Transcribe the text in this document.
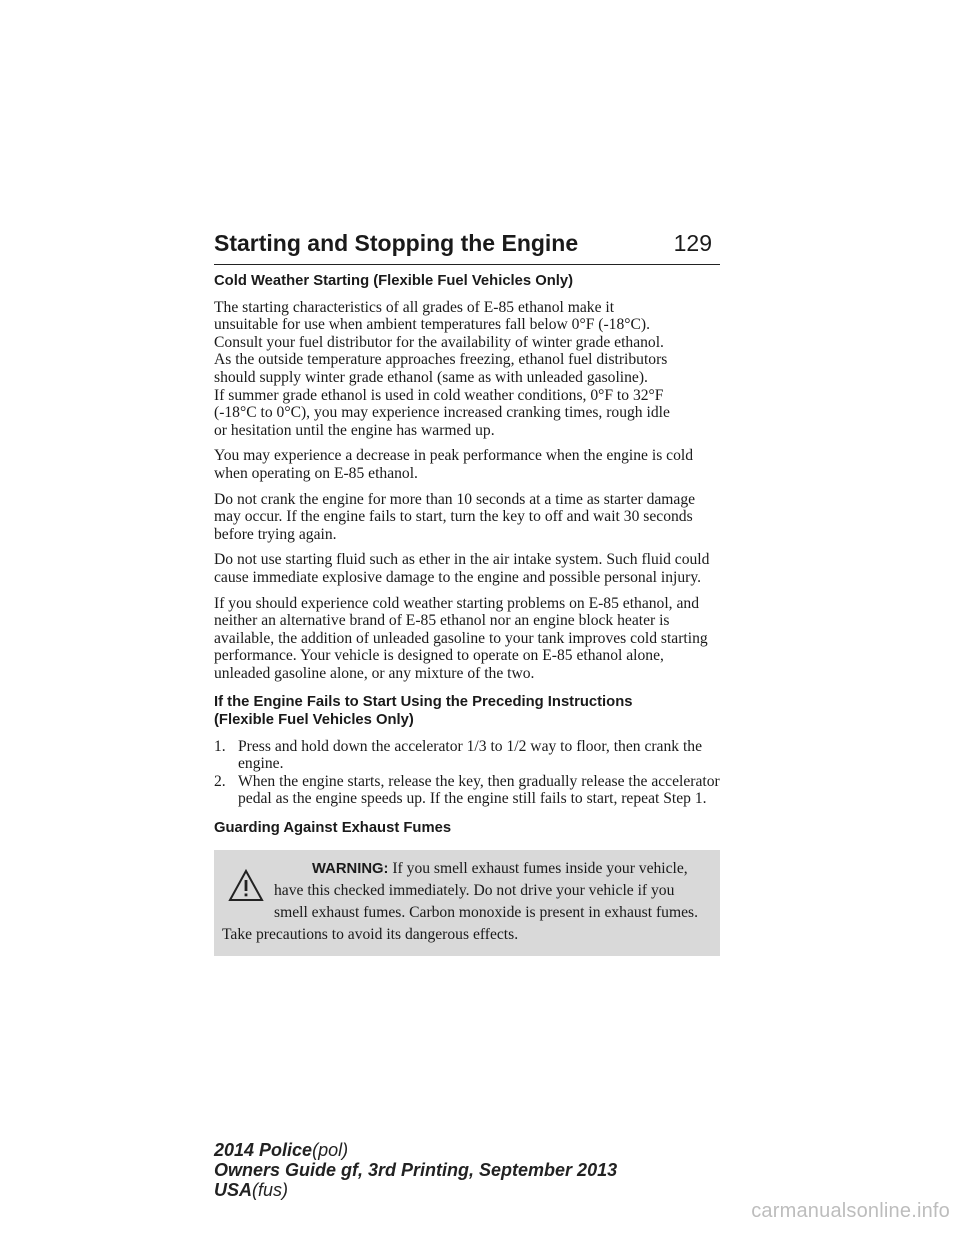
Starting and Stopping the Engine	129
Cold Weather Starting (Flexible Fuel Vehicles Only)
The starting characteristics of all grades of E-85 ethanol make it
unsuitable for use when ambient temperatures fall below 0°F (-18°C).
Consult your fuel distributor for the availability of winter grade ethanol.
As the outside temperature approaches freezing, ethanol fuel distributors
should supply winter grade ethanol (same as with unleaded gasoline).
If summer grade ethanol is used in cold weather conditions, 0°F to 32°F
(-18°C to 0°C), you may experience increased cranking times, rough idle
or hesitation until the engine has warmed up.
You may experience a decrease in peak performance when the engine is cold when operating on E-85 ethanol.
Do not crank the engine for more than 10 seconds at a time as starter damage may occur. If the engine fails to start, turn the key to off and wait 30 seconds before trying again.
Do not use starting fluid such as ether in the air intake system. Such fluid could cause immediate explosive damage to the engine and possible personal injury.
If you should experience cold weather starting problems on E-85 ethanol, and neither an alternative brand of E-85 ethanol nor an engine block heater is available, the addition of unleaded gasoline to your tank improves cold starting performance. Your vehicle is designed to operate on E-85 ethanol alone, unleaded gasoline alone, or any mixture of the two.
If the Engine Fails to Start Using the Preceding Instructions
(Flexible Fuel Vehicles Only)
1. Press and hold down the accelerator 1/3 to 1/2 way to floor, then crank the engine.
2. When the engine starts, release the key, then gradually release the accelerator pedal as the engine speeds up. If the engine still fails to start, repeat Step 1.
Guarding Against Exhaust Fumes
WARNING: If you smell exhaust fumes inside your vehicle, have this checked immediately. Do not drive your vehicle if you smell exhaust fumes. Carbon monoxide is present in exhaust fumes. Take precautions to avoid its dangerous effects.
2014 Police(pol)
Owners Guide gf, 3rd Printing, September 2013
USA(fus)
carmanualsonline.info
